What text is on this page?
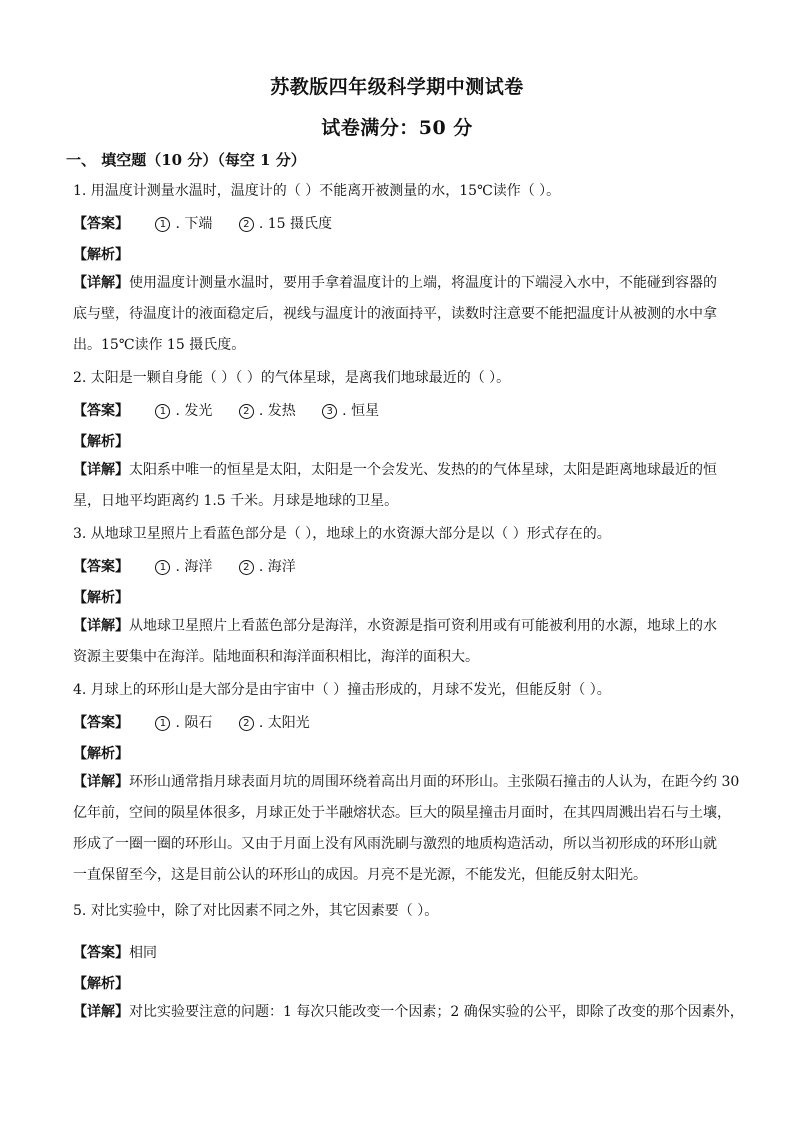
苏教版四年级科学期中测试卷
试卷满分：50 分
一、 填空题（10 分）（每空 1 分）
1. 用温度计测量水温时，温度计的（ ）不能离开被测量的水，15℃读作（ ）。
【答案】	1 . 下端	2 . 15 摄氏度
【解析】
【详解】使用温度计测量水温时，要用手拿着温度计的上端，将温度计的下端浸入水中，不能碰到容器的
底与壁，待温度计的液面稳定后，视线与温度计的液面持平，读数时注意要不能把温度计从被测的水中拿
出。15℃读作 15 摄氏度。
2. 太阳是一颗自身能（ ）（ ）的气体星球，是离我们地球最近的（ ）。
【答案】	1 . 发光	2 . 发热	3 . 恒星
【解析】
【详解】太阳系中唯一的恒星是太阳，太阳是一个会发光、发热的的气体星球，太阳是距离地球最近的恒
星，日地平均距离约 1.5 千米。月球是地球的卫星。
3. 从地球卫星照片上看蓝色部分是（ ），地球上的水资源大部分是以（ ）形式存在的。
【答案】	1 . 海洋	2 . 海洋
【解析】
【详解】从地球卫星照片上看蓝色部分是海洋，水资源是指可资利用或有可能被利用的水源，地球上的水
资源主要集中在海洋。陆地面积和海洋面积相比，海洋的面积大。
4. 月球上的环形山是大部分是由宇宙中（ ）撞击形成的，月球不发光，但能反射（ ）。
【答案】	1 . 陨石	2 . 太阳光
【解析】
【详解】环形山通常指月球表面月坑的周围环绕着高出月面的环形山。主张陨石撞击的人认为，在距今约 30
亿年前，空间的陨星体很多，月球正处于半融熔状态。巨大的陨星撞击月面时，在其四周溅出岩石与土壤，
形成了一圈一圈的环形山。又由于月面上没有风雨洗刷与激烈的地质构造活动，所以当初形成的环形山就
一直保留至今，这是目前公认的环形山的成因。月亮不是光源，不能发光，但能反射太阳光。
5. 对比实验中，除了对比因素不同之外，其它因素要（ ）。
【答案】相同
【解析】
【详解】对比实验要注意的问题：1 每次只能改变一个因素；2 确保实验的公平，即除了改变的那个因素外，
